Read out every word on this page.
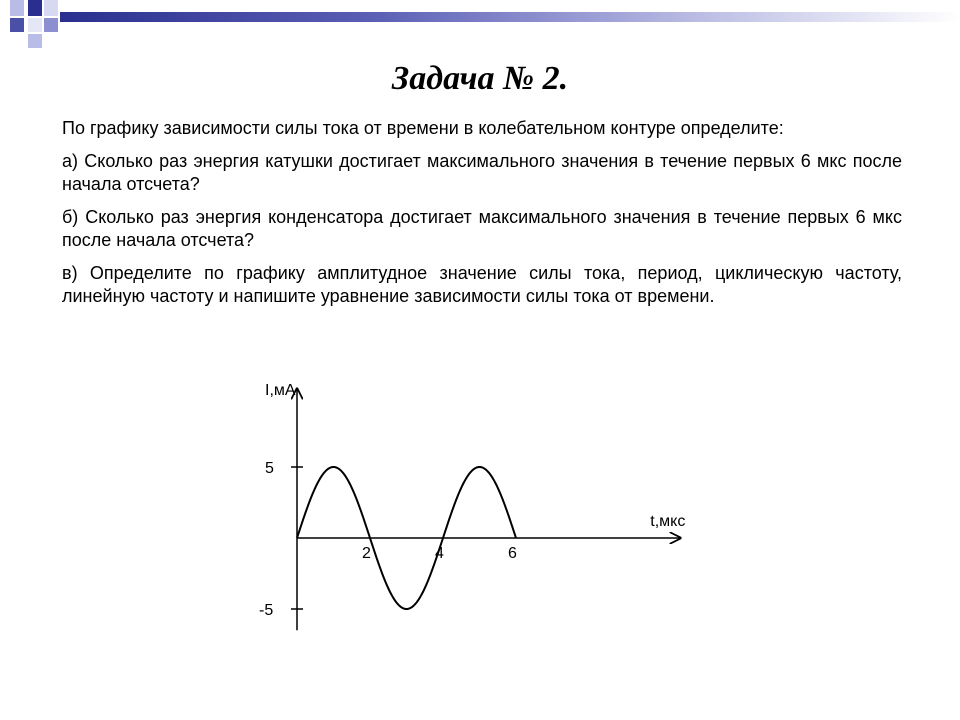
Задача № 2.

По графику зависимости силы тока от времени в колебательном контуре определите:

а) Сколько раз энергия катушки достигает максимального значения в течение первых 6 мкс после начала отсчета?

б) Сколько раз энергия конденсатора достигает максимального значения в течение первых 6 мкс после начала отсчета?

в) Определите по графику амплитудное значение силы тока, период, циклическую частоту, линейную частоту и напишите уравнение зависимости силы тока от времени.

I,мА
t,мкс
2	4	6
5
-5
